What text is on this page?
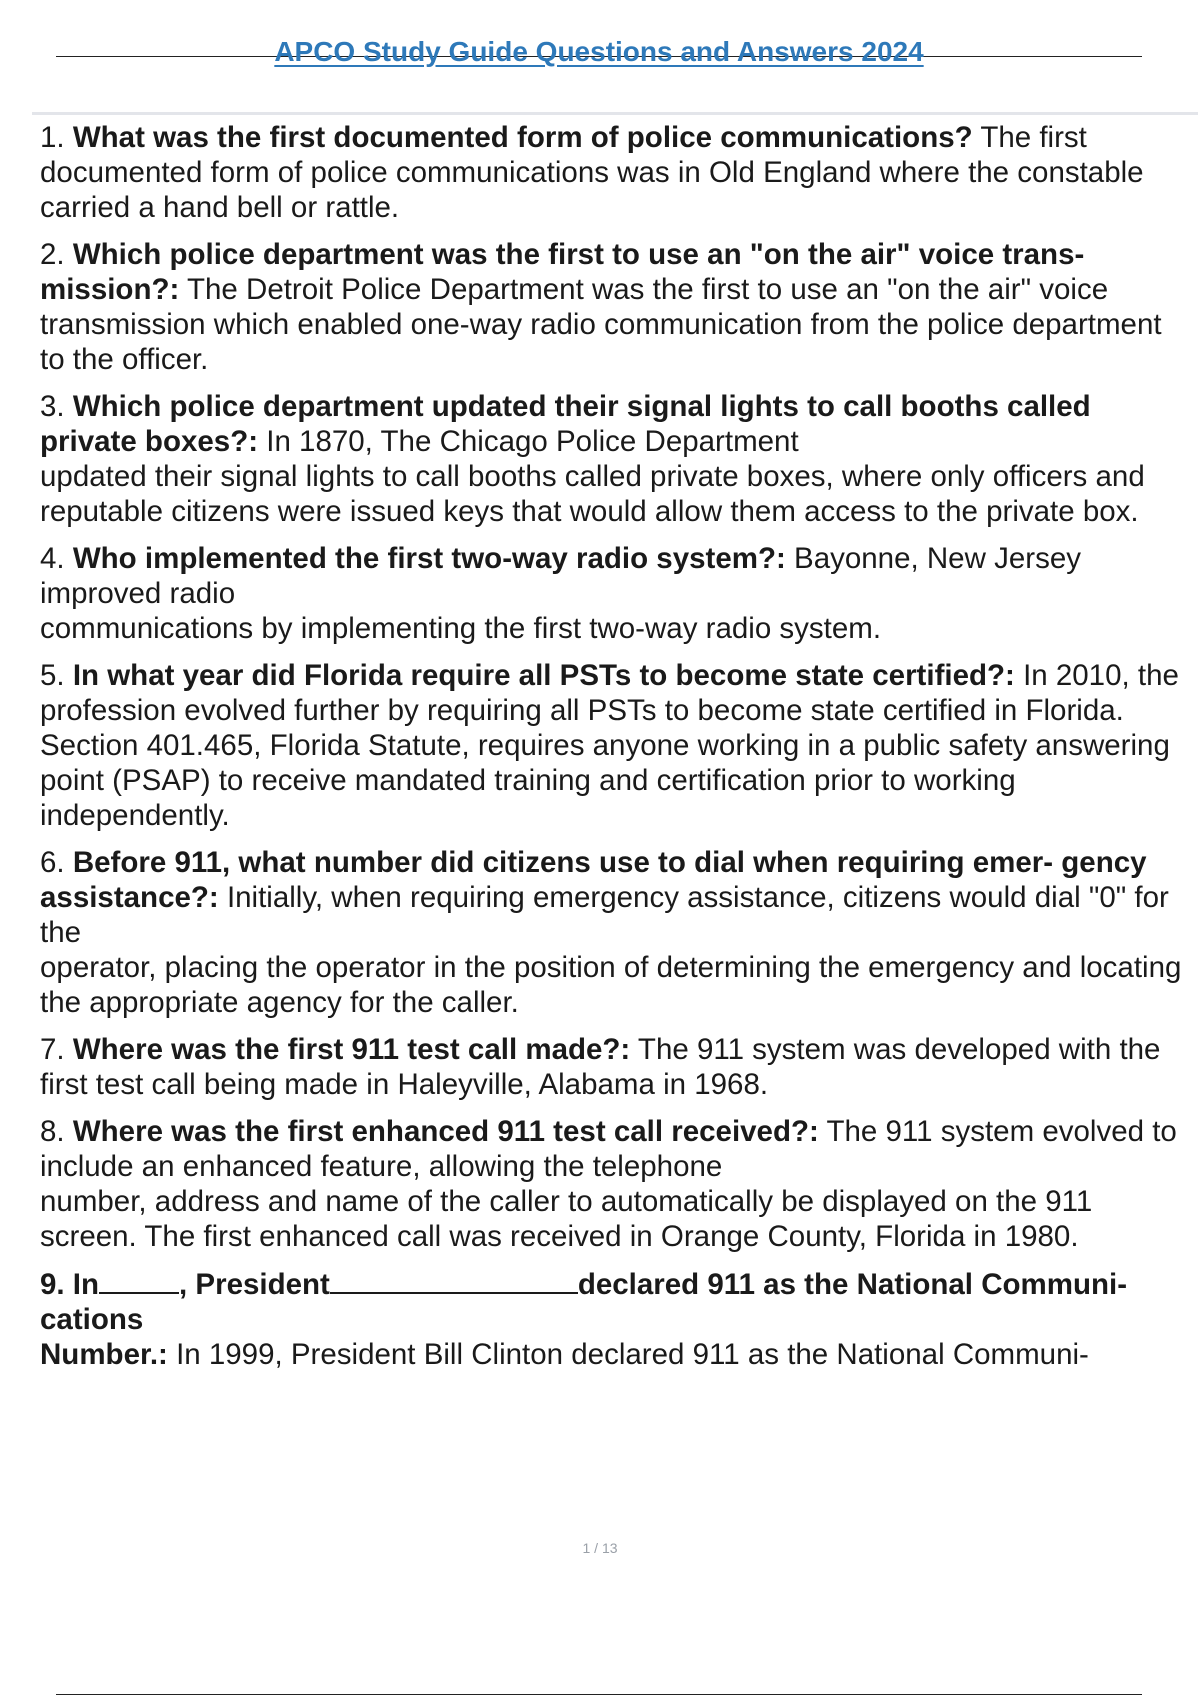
APCO Study Guide Questions and Answers 2024
1. What was the first documented form of police communications? The first documented form of police communications was in Old England where the constable carried a hand bell or rattle.
2. Which police department was the first to use an "on the air" voice trans- mission?: The Detroit Police Department was the first to use an "on the air" voice transmission which enabled one-way radio communication from the police department to the officer.
3. Which police department updated their signal lights to call booths called private boxes?: In 1870, The Chicago Police Department
updated their signal lights to call booths called private boxes, where only officers and
reputable citizens were issued keys that would allow them access to the private box.
4. Who implemented the first two-way radio system?: Bayonne, New Jersey improved radio
communications by implementing the first two-way radio system.
5. In what year did Florida require all PSTs to become state certified?: In 2010, the profession evolved further by requiring all PSTs to become state certified in Florida. Section 401.465, Florida Statute, requires anyone working in a public safety answering point (PSAP) to receive mandated training and certification prior to working independently.
6. Before 911, what number did citizens use to dial when requiring emer- gency assistance?: Initially, when requiring emergency assistance, citizens would dial "0" for the
operator, placing the operator in the position of determining the emergency and locating the appropriate agency for the caller.
7. Where was the first 911 test call made?: The 911 system was developed with the first test call being made in Haleyville, Alabama in 1968.
8. Where was the first enhanced 911 test call received?: The 911 system evolved to include an enhanced feature, allowing the telephone
number, address and name of the caller to automatically be displayed on the 911 screen. The first enhanced call was received in Orange County, Florida in 1980.
9. In	, President	declared 911 as the National Communi- cations
Number.: In 1999, President Bill Clinton declared 911 as the National Communi-
1 / 13
